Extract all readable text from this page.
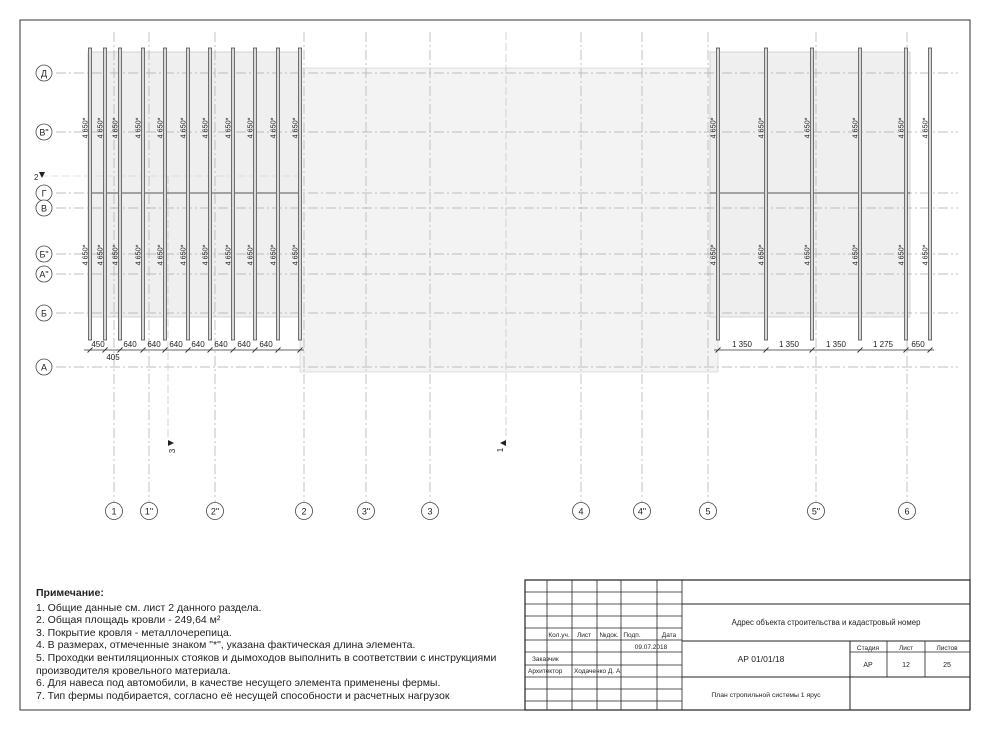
4 650*
4 650*
4 650*
4 650*
4 650*
4 650*
4 650*
4 650*
4 650*
4 650*
4 650*
4 650*
4 650*
4 650*
4 650*
4 650*
4 650*
4 650*
4 650*
4 650*
4 650*
4 650*
4 650*
4 650*
4 650*
4 650*
4 650*
4 650*
4 650*
4 650*
4 650*
4 650*
4 650*
4 650*
450 640 640 640 640 640 640 640
405
1 350	1 350	1 350	1 275 650
Д
В"
Г
В
Б"
А"
Б
А
1	1"	2"	2	3"	3	4	4"	5	5"	6
2
3	1
Кол.уч. Лист №док. Подп.	Дата
09.07.2018
Заказчик
Архитектор Ходаченко Д. А
Адрес объекта строительства и кадастровый номер
АР 01/01/18
Стадия	Лист	Листов
АР	12	25
План стропильной системы 1 ярус
Примечание:
1. Общие данные см. лист 2 данного раздела.
2. Общая площадь кровли - 249,64 м²
3. Покрытие кровля - металлочерепица.
4. В размерах, отмеченные знаком "*", указана фактическая длина элемента.
5. Проходки вентиляционных стояков и дымоходов выполнить в соответствии с инструкциями производителя кровельного материала.
6. Для навеса под автомобили, в качестве несущего элемента применены фермы.
7. Тип фермы подбирается, согласно её несущей способности и расчетных нагрузок
